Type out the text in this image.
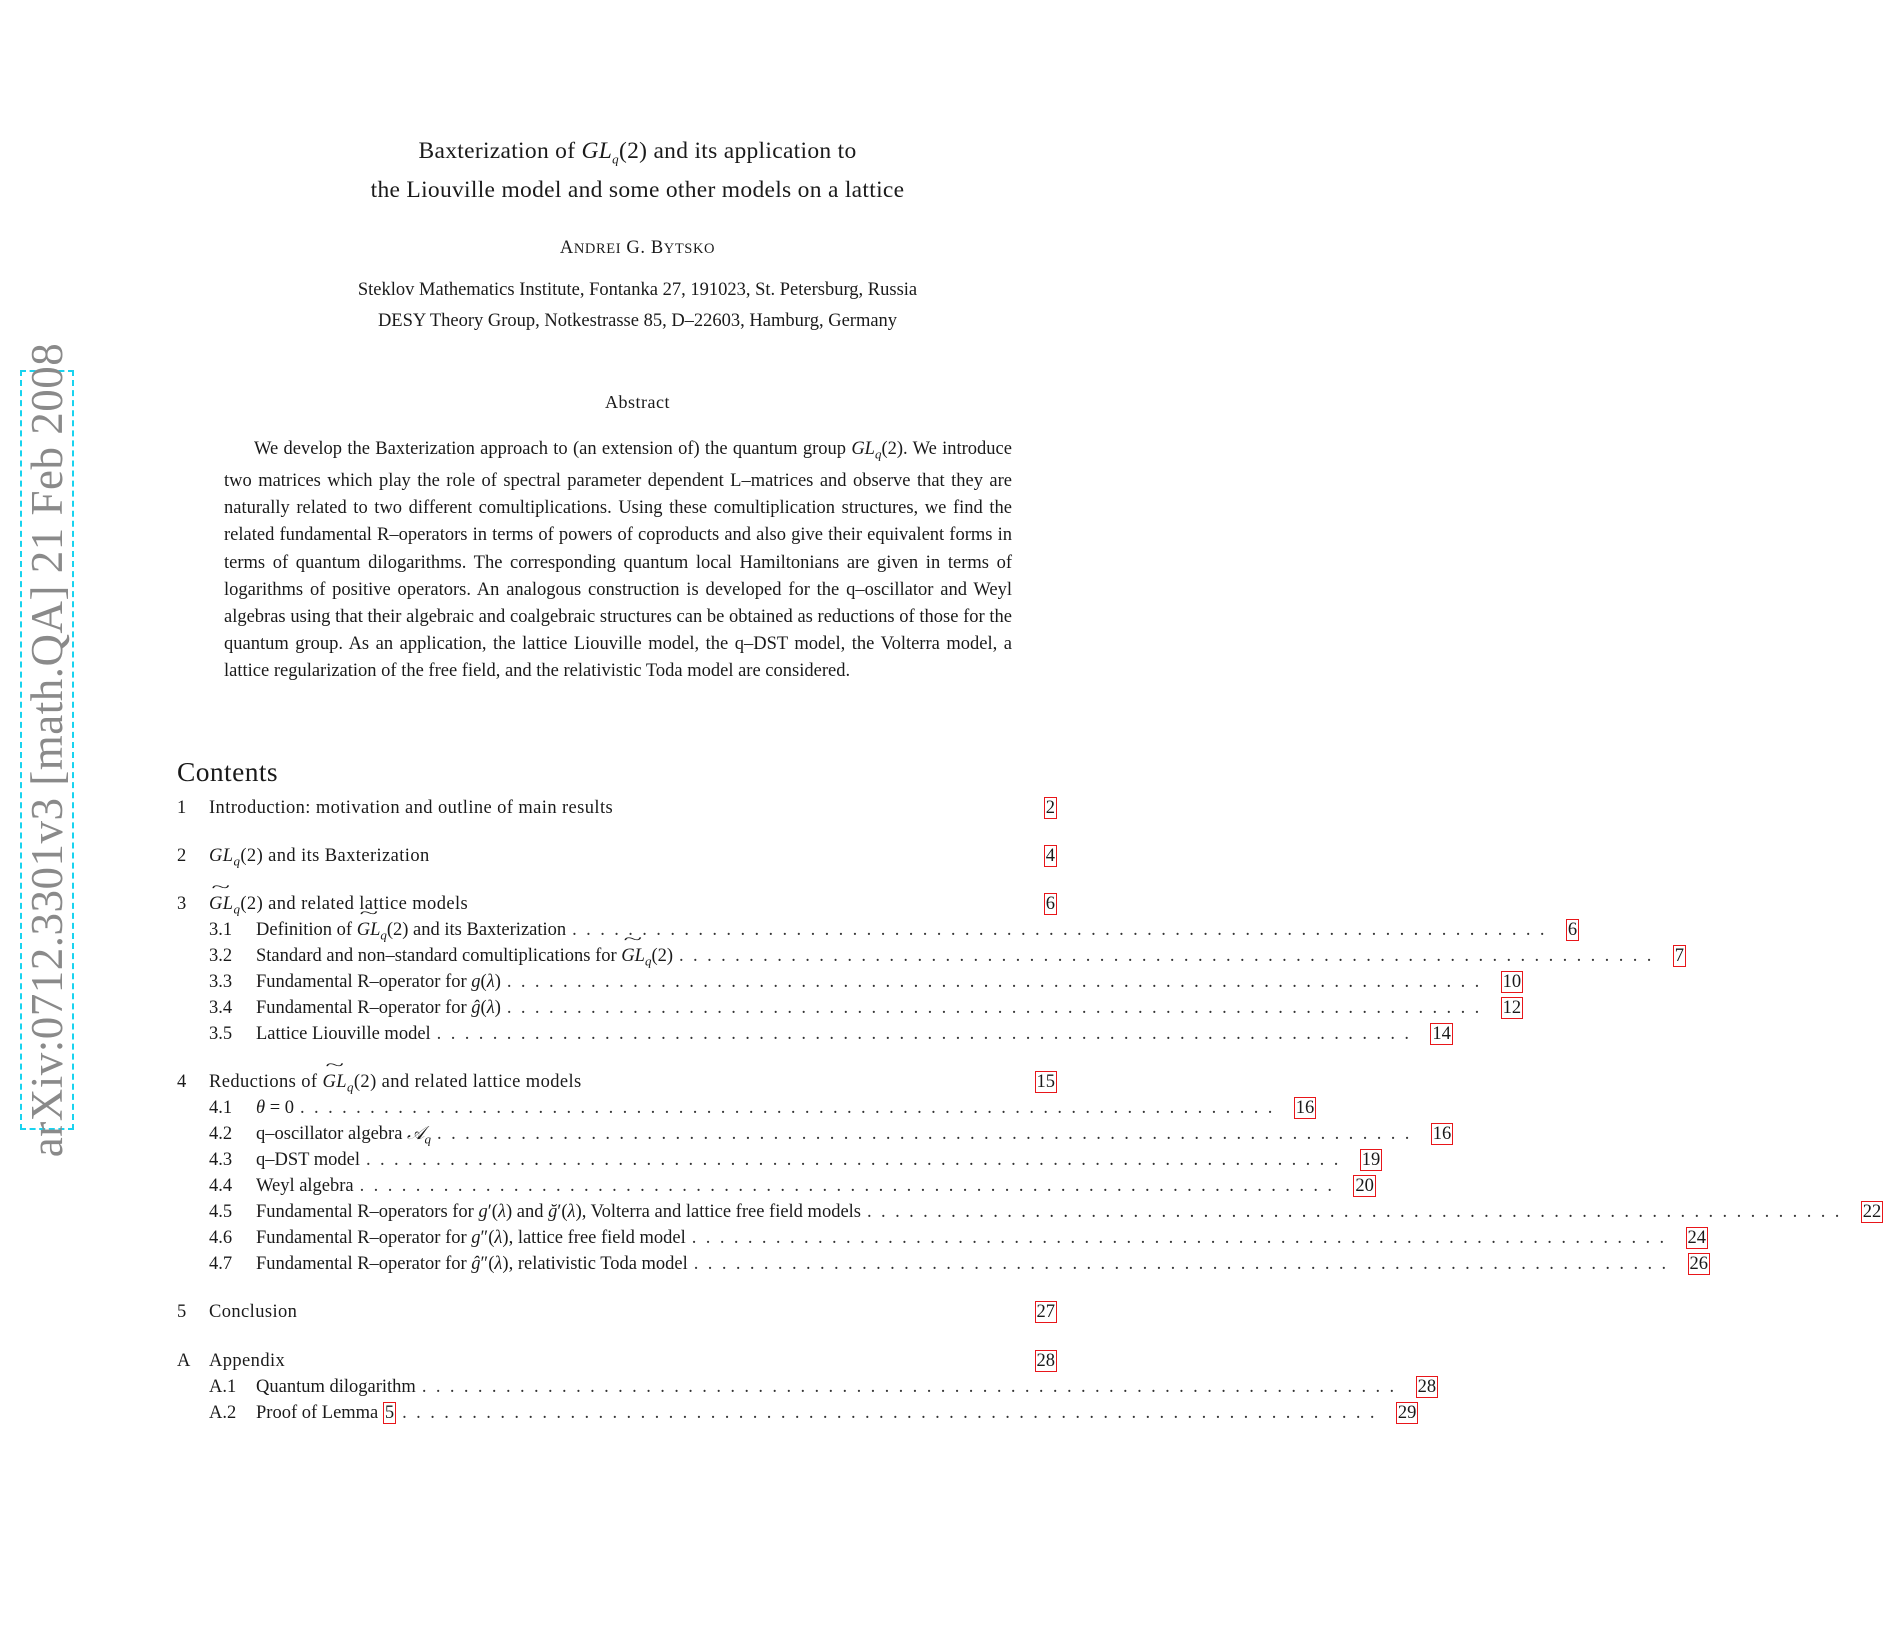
arXiv:0712.3301v3 [math.QA] 21 Feb 2008
Baxterization of $GL_q(2)$ and its application to
the Liouville model and some other models on a lattice
ANDREI G. BYTSKO
Steklov Mathematics Institute, Fontanka 27, 191023, St. Petersburg, Russia
DESY Theory Group, Notkestrasse 85, D–22603, Hamburg, Germany
Abstract
We develop the Baxterization approach to (an extension of) the quantum group $GL_q(2)$. We introduce two matrices which play the role of spectral parameter dependent L–matrices and observe that they are naturally related to two different comultiplications. Using these comultiplication structures, we find the related fundamental R–operators in terms of powers of coproducts and also give their equivalent forms in terms of quantum dilogarithms. The corresponding quantum local Hamiltonians are given in terms of logarithms of positive operators. An analogous construction is developed for the q–oscillator and Weyl algebras using that their algebraic and coalgebraic structures can be obtained as reductions of those for the quantum group. As an application, the lattice Liouville model, the q–DST model, the Volterra model, a lattice regularization of the free field, and the relativistic Toda model are considered.
Contents
1	Introduction: motivation and outline of main results	2
2	$GL_q(2)$ and its Baxterization	4
3	~ $GL_q(2)$ and related lattice models	6
3.1	Definition of ~ $GL_q(2)$ and its Baxterization ...................................................................... 6
3.2	Standard and non–standard comultiplications for ~ $GL_q(2)$ ...................................................................... 7
3.3	Fundamental R–operator for g(λ) ...................................................................... 10
3.4	Fundamental R–operator for ĝ(λ) ...................................................................... 12
3.5	Lattice Liouville model ...................................................................... 14
4	Reductions of ~ $GL_q(2)$ and related lattice models	15
4.1	θ = 0 ...................................................................... 16
4.2	q–oscillator algebra 𝒜$_q$ ...................................................................... 16
4.3	q–DST model ...................................................................... 19
4.4	Weyl algebra ...................................................................... 20
4.5	Fundamental R–operators for g′(λ) and ğ′(λ), Volterra and lattice free field models ...................................................................... 22
4.6	Fundamental R–operator for g″(λ), lattice free field model ...................................................................... 24
4.7	Fundamental R–operator for ĝ″(λ), relativistic Toda model ...................................................................... 26
5	Conclusion	27
A	Appendix	28
A.1	Quantum dilogarithm ...................................................................... 28
A.2	Proof of Lemma 5 ...................................................................... 29
